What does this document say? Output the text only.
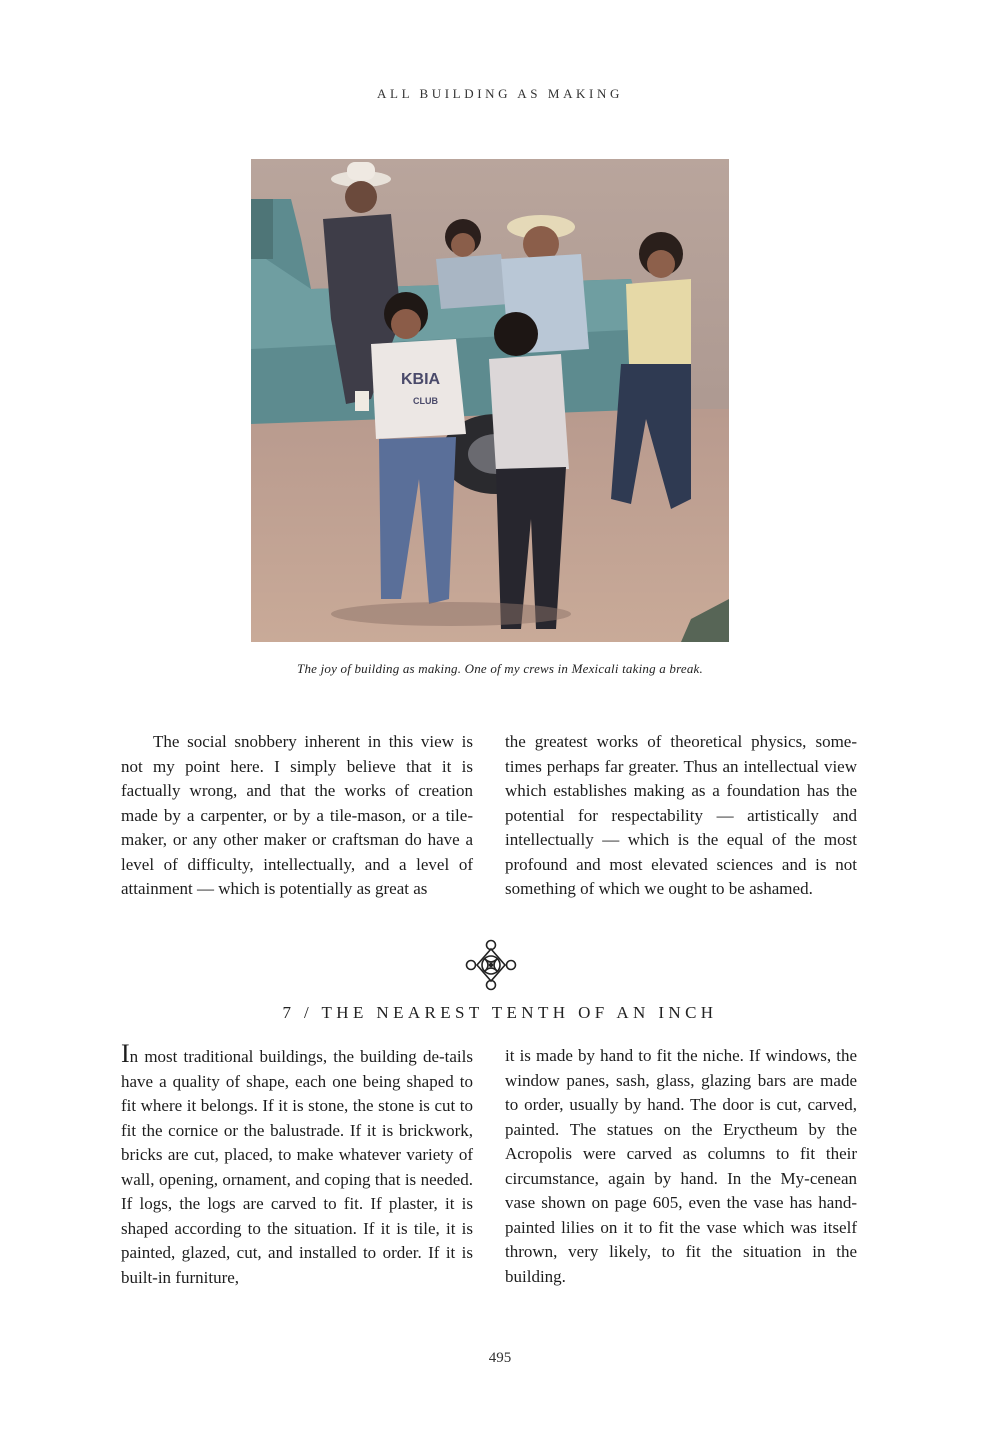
ALL BUILDING AS MAKING
KBIA
CLUB
The joy of building as making. One of my crews in Mexicali taking a break.

The social snobbery inherent in this view is not my point here. I simply believe that it is factually wrong, and that the works of creation made by a carpenter, or by a tile-mason, or a tile-maker, or any other maker or craftsman do have a level of difficulty, intellectually, and a level of attainment — which is potentially as great as

the greatest works of theoretical physics, some-times perhaps far greater. Thus an intellectual view which establishes making as a foundation has the potential for respectability — artistically and intellectually — which is the equal of the most profound and most elevated sciences and is not something of which we ought to be ashamed.

7 / THE NEAREST TENTH OF AN INCH

In most traditional buildings, the building de-tails have a quality of shape, each one being shaped to fit where it belongs. If it is stone, the stone is cut to fit the cornice or the balustrade. If it is brickwork, bricks are cut, placed, to make whatever variety of wall, opening, ornament, and coping that is needed. If logs, the logs are carved to fit. If plaster, it is shaped according to the situation. If it is tile, it is painted, glazed, cut, and installed to order. If it is built-in furniture,

it is made by hand to fit the niche. If windows, the window panes, sash, glass, glazing bars are made to order, usually by hand. The door is cut, carved, painted. The statues on the Eryctheum by the Acropolis were carved as columns to fit their circumstance, again by hand. In the My-cenean vase shown on page 605, even the vase has hand-painted lilies on it to fit the vase which was itself thrown, very likely, to fit the situation in the building.

495
